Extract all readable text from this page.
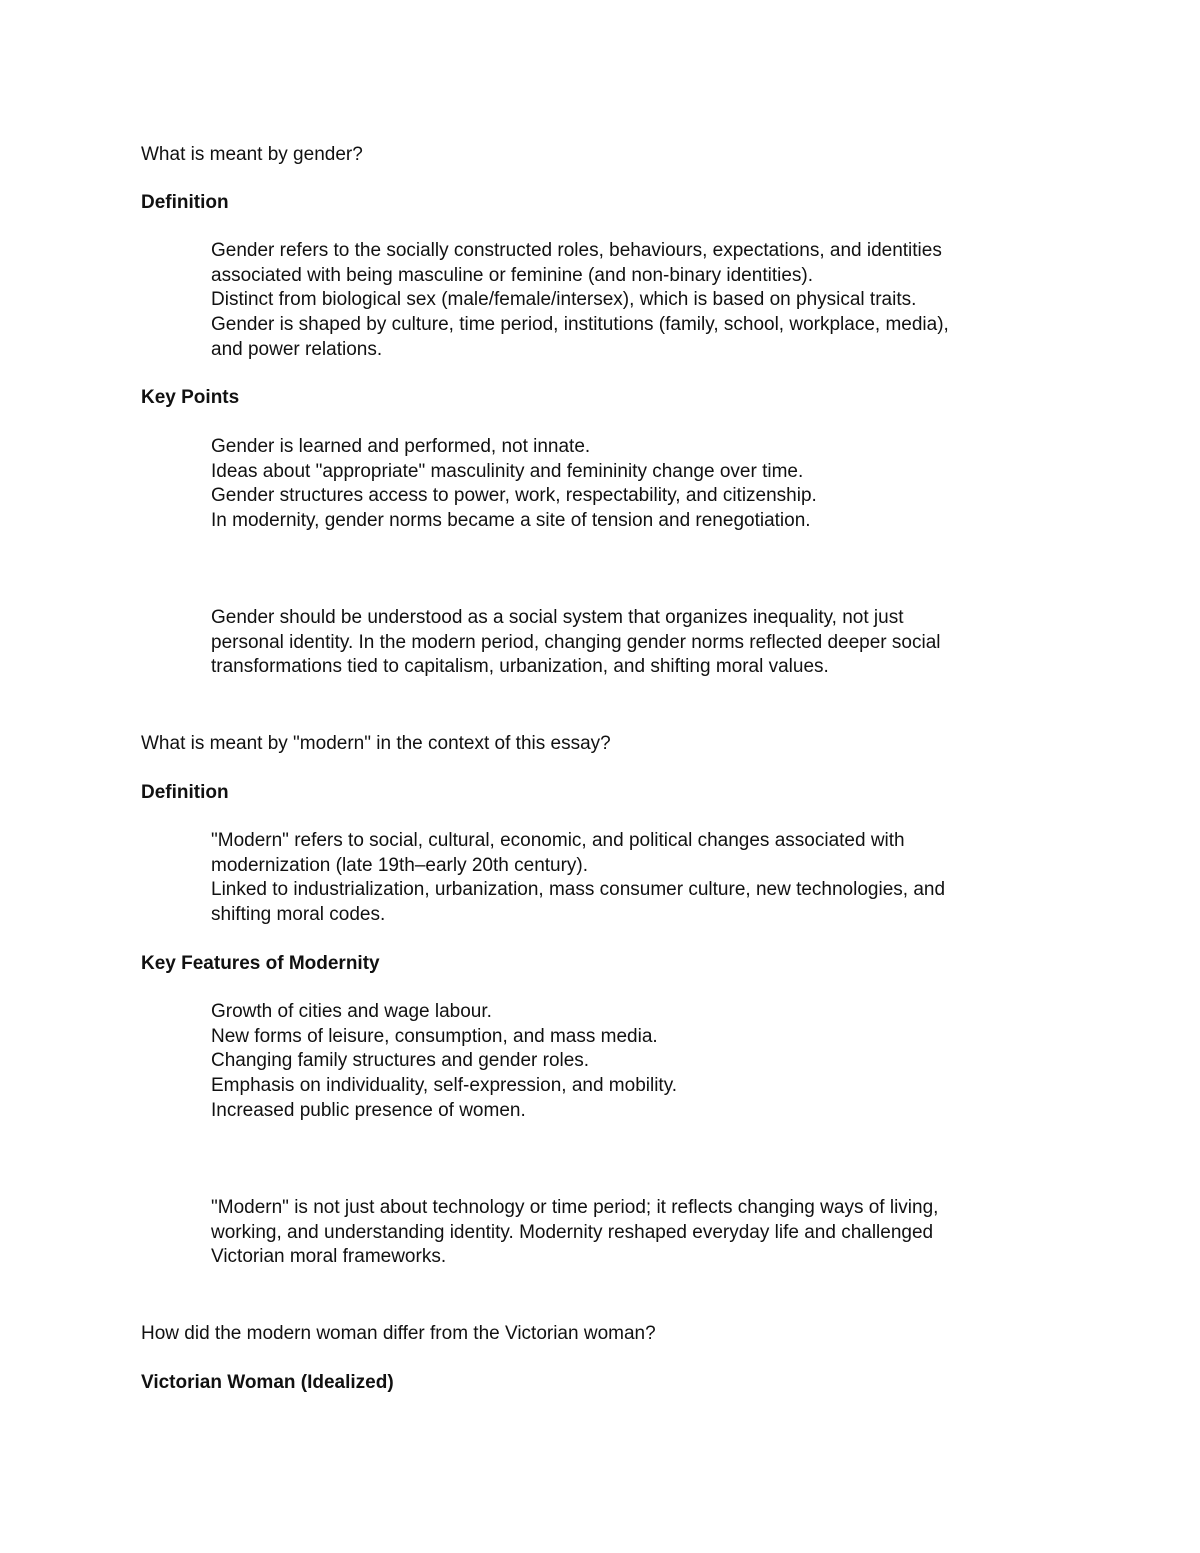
What is meant by gender?
Definition
Gender refers to the socially constructed roles, behaviours, expectations, and identities
associated with being masculine or feminine (and non-binary identities).
Distinct from biological sex (male/female/intersex), which is based on physical traits.
Gender is shaped by culture, time period, institutions (family, school, workplace, media),
and power relations.
Key Points
Gender is learned and performed, not innate.
Ideas about "appropriate" masculinity and femininity change over time.
Gender structures access to power, work, respectability, and citizenship.
In modernity, gender norms became a site of tension and renegotiation.
Gender should be understood as a social system that organizes inequality, not just
personal identity. In the modern period, changing gender norms reflected deeper social
transformations tied to capitalism, urbanization, and shifting moral values.
What is meant by "modern" in the context of this essay?
Definition
"Modern" refers to social, cultural, economic, and political changes associated with
modernization (late 19th–early 20th century).
Linked to industrialization, urbanization, mass consumer culture, new technologies, and
shifting moral codes.
Key Features of Modernity
Growth of cities and wage labour.
New forms of leisure, consumption, and mass media.
Changing family structures and gender roles.
Emphasis on individuality, self-expression, and mobility.
Increased public presence of women.
"Modern" is not just about technology or time period; it reflects changing ways of living,
working, and understanding identity. Modernity reshaped everyday life and challenged
Victorian moral frameworks.
How did the modern woman differ from the Victorian woman?
Victorian Woman (Idealized)
